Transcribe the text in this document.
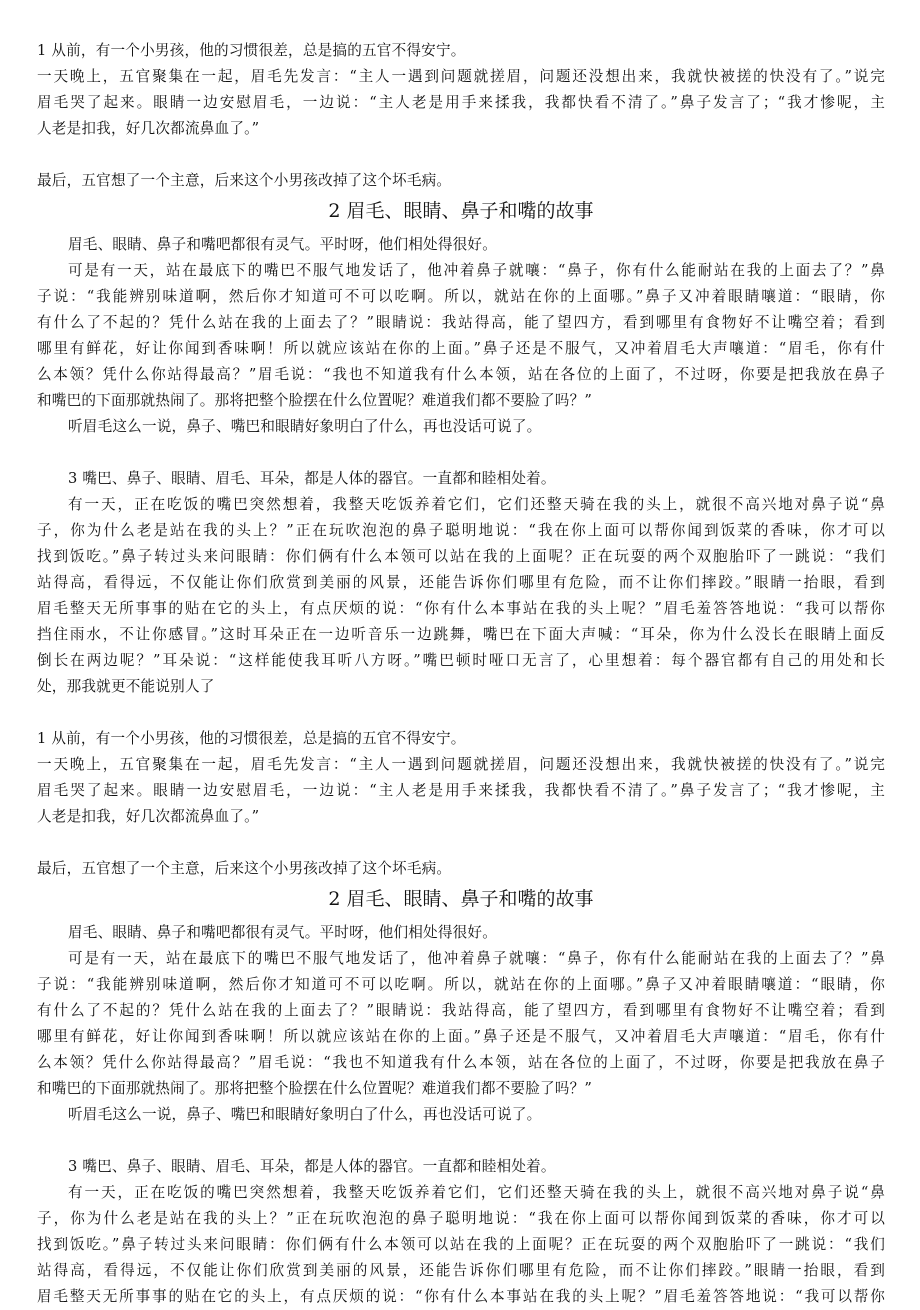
1 从前，有一个小男孩，他的习惯很差，总是搞的五官不得安宁。
一天晚上，五官聚集在一起，眉毛先发言：“主人一遇到问题就搓眉，问题还没想出来，我就快被搓的快没有了。”说完
眉毛哭了起来。眼睛一边安慰眉毛，一边说：“主人老是用手来揉我，我都快看不清了。”鼻子发言了；“我才惨呢，主
人老是扣我，好几次都流鼻血了。”
最后，五官想了一个主意，后来这个小男孩改掉了这个坏毛病。
2 眉毛、眼睛、鼻子和嘴的故事
眉毛、眼睛、鼻子和嘴吧都很有灵气。平时呀，他们相处得很好。
可是有一天，站在最底下的嘴巴不服气地发话了，他冲着鼻子就嚷：“鼻子，你有什么能耐站在我的上面去了？”鼻
子说：“我能辨别味道啊，然后你才知道可不可以吃啊。所以，就站在你的上面哪。”鼻子又冲着眼睛嚷道：“眼睛，你
有什么了不起的？凭什么站在我的上面去了？”眼睛说：我站得高，能了望四方，看到哪里有食物好不让嘴空着；看到
哪里有鲜花，好让你闻到香味啊！所以就应该站在你的上面。”鼻子还是不服气，又冲着眉毛大声嚷道：“眉毛，你有什
么本领？凭什么你站得最高？”眉毛说：“我也不知道我有什么本领，站在各位的上面了，不过呀，你要是把我放在鼻子
和嘴巴的下面那就热闹了。那将把整个脸摆在什么位置呢？难道我们都不要脸了吗？”
听眉毛这么一说，鼻子、嘴巴和眼睛好象明白了什么，再也没话可说了。
3 嘴巴、鼻子、眼睛、眉毛、耳朵，都是人体的器官。一直都和睦相处着。
有一天，正在吃饭的嘴巴突然想着，我整天吃饭养着它们，它们还整天骑在我的头上，就很不高兴地对鼻子说“鼻
子，你为什么老是站在我的头上？”正在玩吹泡泡的鼻子聪明地说：“我在你上面可以帮你闻到饭菜的香味，你才可以
找到饭吃。”鼻子转过头来问眼睛：你们俩有什么本领可以站在我的上面呢？正在玩耍的两个双胞胎吓了一跳说：“我们
站得高，看得远，不仅能让你们欣赏到美丽的风景，还能告诉你们哪里有危险，而不让你们摔跤。”眼睛一抬眼，看到
眉毛整天无所事事的贴在它的头上，有点厌烦的说：“你有什么本事站在我的头上呢？”眉毛羞答答地说：“我可以帮你
挡住雨水，不让你感冒。”这时耳朵正在一边听音乐一边跳舞，嘴巴在下面大声喊：“耳朵，你为什么没长在眼睛上面反
倒长在两边呢？”耳朵说：“这样能使我耳听八方呀。”嘴巴顿时哑口无言了，心里想着：每个器官都有自己的用处和长
处，那我就更不能说别人了
1 从前，有一个小男孩，他的习惯很差，总是搞的五官不得安宁。
一天晚上，五官聚集在一起，眉毛先发言：“主人一遇到问题就搓眉，问题还没想出来，我就快被搓的快没有了。”说完
眉毛哭了起来。眼睛一边安慰眉毛，一边说：“主人老是用手来揉我，我都快看不清了。”鼻子发言了；“我才惨呢，主
人老是扣我，好几次都流鼻血了。”
最后，五官想了一个主意，后来这个小男孩改掉了这个坏毛病。
2 眉毛、眼睛、鼻子和嘴的故事
眉毛、眼睛、鼻子和嘴吧都很有灵气。平时呀，他们相处得很好。
可是有一天，站在最底下的嘴巴不服气地发话了，他冲着鼻子就嚷：“鼻子，你有什么能耐站在我的上面去了？”鼻
子说：“我能辨别味道啊，然后你才知道可不可以吃啊。所以，就站在你的上面哪。”鼻子又冲着眼睛嚷道：“眼睛，你
有什么了不起的？凭什么站在我的上面去了？”眼睛说：我站得高，能了望四方，看到哪里有食物好不让嘴空着；看到
哪里有鲜花，好让你闻到香味啊！所以就应该站在你的上面。”鼻子还是不服气，又冲着眉毛大声嚷道：“眉毛，你有什
么本领？凭什么你站得最高？”眉毛说：“我也不知道我有什么本领，站在各位的上面了，不过呀，你要是把我放在鼻子
和嘴巴的下面那就热闹了。那将把整个脸摆在什么位置呢？难道我们都不要脸了吗？”
听眉毛这么一说，鼻子、嘴巴和眼睛好象明白了什么，再也没话可说了。
3 嘴巴、鼻子、眼睛、眉毛、耳朵，都是人体的器官。一直都和睦相处着。
有一天，正在吃饭的嘴巴突然想着，我整天吃饭养着它们，它们还整天骑在我的头上，就很不高兴地对鼻子说“鼻
子，你为什么老是站在我的头上？”正在玩吹泡泡的鼻子聪明地说：“我在你上面可以帮你闻到饭菜的香味，你才可以
找到饭吃。”鼻子转过头来问眼睛：你们俩有什么本领可以站在我的上面呢？正在玩耍的两个双胞胎吓了一跳说：“我们
站得高，看得远，不仅能让你们欣赏到美丽的风景，还能告诉你们哪里有危险，而不让你们摔跤。”眼睛一抬眼，看到
眉毛整天无所事事的贴在它的头上，有点厌烦的说：“你有什么本事站在我的头上呢？”眉毛羞答答地说：“我可以帮你
